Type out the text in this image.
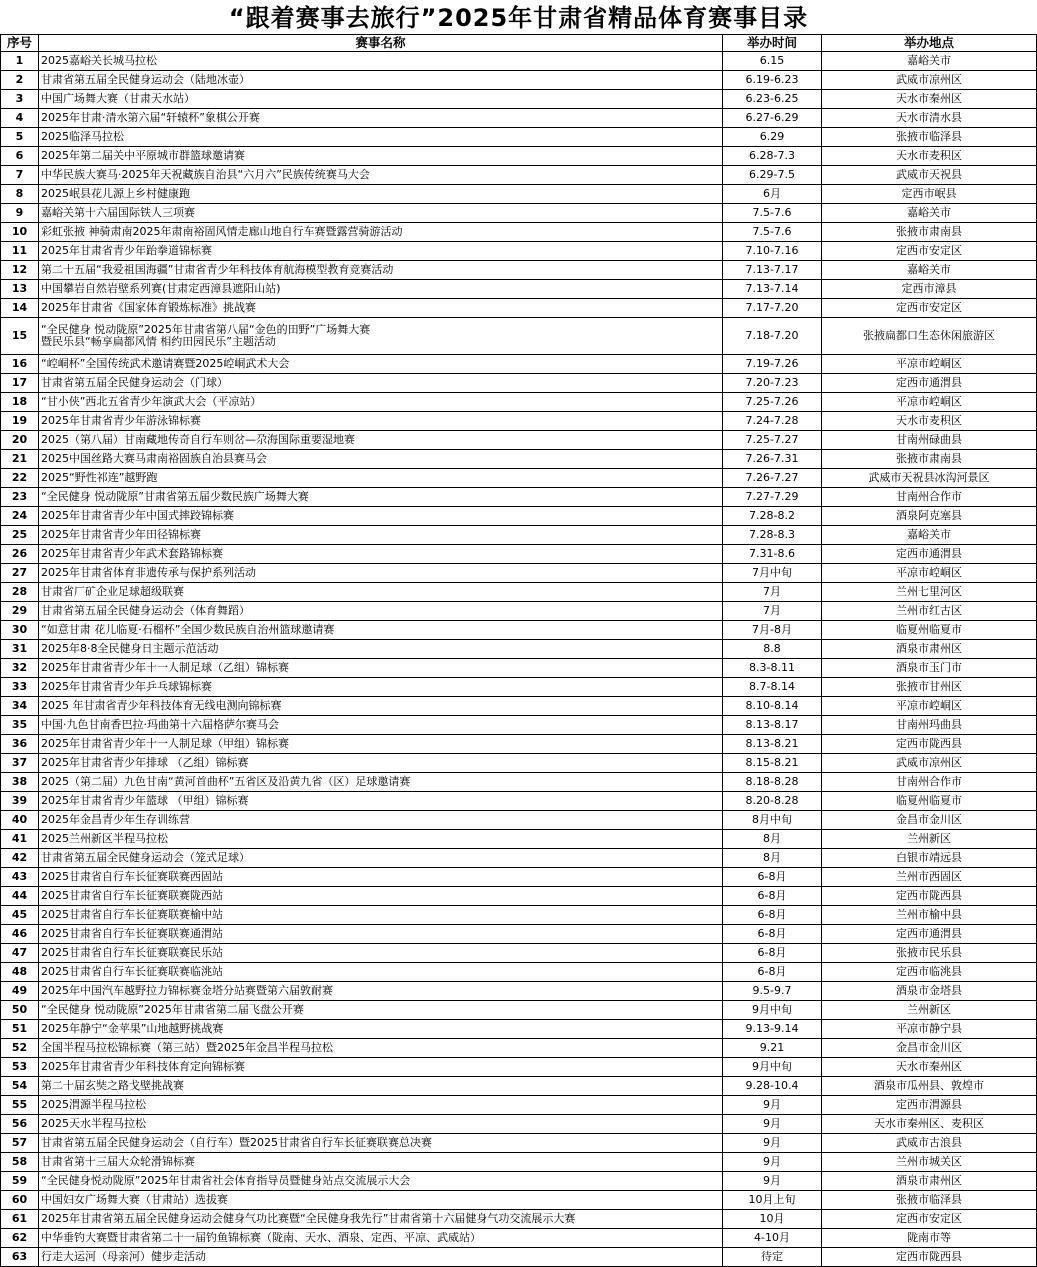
“跟着赛事去旅行”2025年甘肃省精品体育赛事目录
序号	赛事名称	举办时间	举办地点
1	2025嘉峪关长城马拉松	6.15	嘉峪关市
2	甘肃省第五届全民健身运动会（陆地冰壶）	6.19-6.23	武威市凉州区
3	中国广场舞大赛（甘肃天水站）	6.23-6.25	天水市秦州区
4	2025年甘肃·清水第六届“轩辕杯”象棋公开赛	6.27-6.29	天水市清水县
5	2025临泽马拉松	6.29	张掖市临泽县
6	2025年第二届关中平原城市群篮球邀请赛	6.28-7.3	天水市麦积区
7	中华民族大赛马·2025年天祝藏族自治县“六月六”民族传统赛马大会	6.29-7.5	武威市天祝县
8	2025岷县花儿源上乡村健康跑	6月	定西市岷县
9	嘉峪关第十六届国际铁人三项赛	7.5-7.6	嘉峪关市
10	彩虹张掖 神骑肃南2025年肃南裕固风情走廊山地自行车赛暨露营骑游活动	7.5-7.6	张掖市肃南县
11	2025年甘肃省青少年跆拳道锦标赛	7.10-7.16	定西市安定区
12	第二十五届“我爱祖国海疆”甘肃省青少年科技体育航海模型教育竞赛活动	7.13-7.17	嘉峪关市
13	中国攀岩自然岩壁系列赛(甘肃定西漳县遮阳山站)	7.13-7.14	定西市漳县
14	2025年甘肃省《国家体育锻炼标准》挑战赛	7.17-7.20	定西市安定区
15	“全民健身 悦动陇原”2025年甘肃省第八届“金色的田野”广场舞大赛
暨民乐县“畅享扁都风情 相约田园民乐”主题活动	7.18-7.20	张掖扁都口生态休闲旅游区
16	“崆峒杯”全国传统武术邀请赛暨2025崆峒武术大会	7.19-7.26	平凉市崆峒区
17	甘肃省第五届全民健身运动会（门球）	7.20-7.23	定西市通渭县
18	“甘小侠”西北五省青少年演武大会（平凉站）	7.25-7.26	平凉市崆峒区
19	2025年甘肃省青少年游泳锦标赛	7.24-7.28	天水市麦积区
20	2025（第八届）甘南藏地传奇自行车则岔—尕海国际重要湿地赛	7.25-7.27	甘南州碌曲县
21	2025中国丝路大赛马肃南裕固族自治县赛马会	7.26-7.31	张掖市肃南县
22	2025“野性祁连”越野跑	7.26-7.27	武威市天祝县冰沟河景区
23	“全民健身 悦动陇原”甘肃省第五届少数民族广场舞大赛	7.27-7.29	甘南州合作市
24	2025年甘肃省青少年中国式摔跤锦标赛	7.28-8.2	酒泉阿克塞县
25	2025年甘肃省青少年田径锦标赛	7.28-8.3	嘉峪关市
26	2025年甘肃省青少年武术套路锦标赛	7.31-8.6	定西市通渭县
27	2025年甘肃省体育非遗传承与保护系列活动	7月中旬	平凉市崆峒区
28	甘肃省厂矿企业足球超级联赛	7月	兰州七里河区
29	甘肃省第五届全民健身运动会（体育舞蹈）	7月	兰州市红古区
30	“如意甘肃 花儿临夏·石榴杯”全国少数民族自治州篮球邀请赛	7月-8月	临夏州临夏市
31	2025年8·8全民健身日主题示范活动	8.8	酒泉市肃州区
32	2025年甘肃省青少年十一人制足球（乙组）锦标赛	8.3-8.11	酒泉市玉门市
33	2025年甘肃省青少年乒乓球锦标赛	8.7-8.14	张掖市甘州区
34	2025 年甘肃省青少年科技体育无线电测向锦标赛	8.10-8.14	平凉市崆峒区
35	中国·九色甘南香巴拉·玛曲第十六届格萨尔赛马会	8.13-8.17	甘南州玛曲县
36	2025年甘肃省青少年十一人制足球（甲组）锦标赛	8.13-8.21	定西市陇西县
37	2025年甘肃省青少年排球 （乙组）锦标赛	8.15-8.21	武威市凉州区
38	2025（第二届）九色甘南“黄河首曲杯”五省区及沿黄九省（区）足球邀请赛	8.18-8.28	甘南州合作市
39	2025年甘肃省青少年篮球 （甲组）锦标赛	8.20-8.28	临夏州临夏市
40	2025年金昌青少年生存训练营	8月中旬	金昌市金川区
41	2025兰州新区半程马拉松	8月	兰州新区
42	甘肃省第五届全民健身运动会（笼式足球）	8月	白银市靖远县
43	2025甘肃省自行车长征赛联赛西固站	6-8月	兰州市西固区
44	2025甘肃省自行车长征赛联赛陇西站	6-8月	定西市陇西县
45	2025甘肃省自行车长征赛联赛榆中站	6-8月	兰州市榆中县
46	2025甘肃省自行车长征赛联赛通渭站	6-8月	定西市通渭县
47	2025甘肃省自行车长征赛联赛民乐站	6-8月	张掖市民乐县
48	2025甘肃省自行车长征赛联赛临洮站	6-8月	定西市临洮县
49	2025年中国汽车越野拉力锦标赛金塔分站赛暨第六届敦耐赛	9.5-9.7	酒泉市金塔县
50	“全民健身 悦动陇原”2025年甘肃省第二届飞盘公开赛	9月中旬	兰州新区
51	2025年静宁“金苹果”山地越野挑战赛	9.13-9.14	平凉市静宁县
52	全国半程马拉松锦标赛（第三站）暨2025年金昌半程马拉松	9.21	金昌市金川区
53	2025年甘肃省青少年科技体育定向锦标赛	9月中旬	天水市秦州区
54	第二十届玄奘之路戈壁挑战赛	9.28-10.4	酒泉市瓜州县、敦煌市
55	2025渭源半程马拉松	9月	定西市渭源县
56	2025天水半程马拉松	9月	天水市秦州区、麦积区
57	甘肃省第五届全民健身运动会（自行车）暨2025甘肃省自行车长征赛联赛总决赛	9月	武威市古浪县
58	甘肃省第十三届大众轮滑锦标赛	9月	兰州市城关区
59	“全民健身悦动陇原”2025年甘肃省社会体育指导员暨健身站点交流展示大会	9月	酒泉市肃州区
60	中国妇女广场舞大赛（甘肃站）选拔赛	10月上旬	张掖市临泽县
61	2025年甘肃省第五届全民健身运动会健身气功比赛暨“全民健身我先行”甘肃省第十六届健身气功交流展示大赛	10月	定西市安定区
62	中华垂钓大赛暨甘肃省第二十一届钓鱼锦标赛（陇南、天水、酒泉、定西、平凉、武威站）	4-10月	陇南市等
63	行走大运河（母亲河）健步走活动	待定	定西市陇西县
